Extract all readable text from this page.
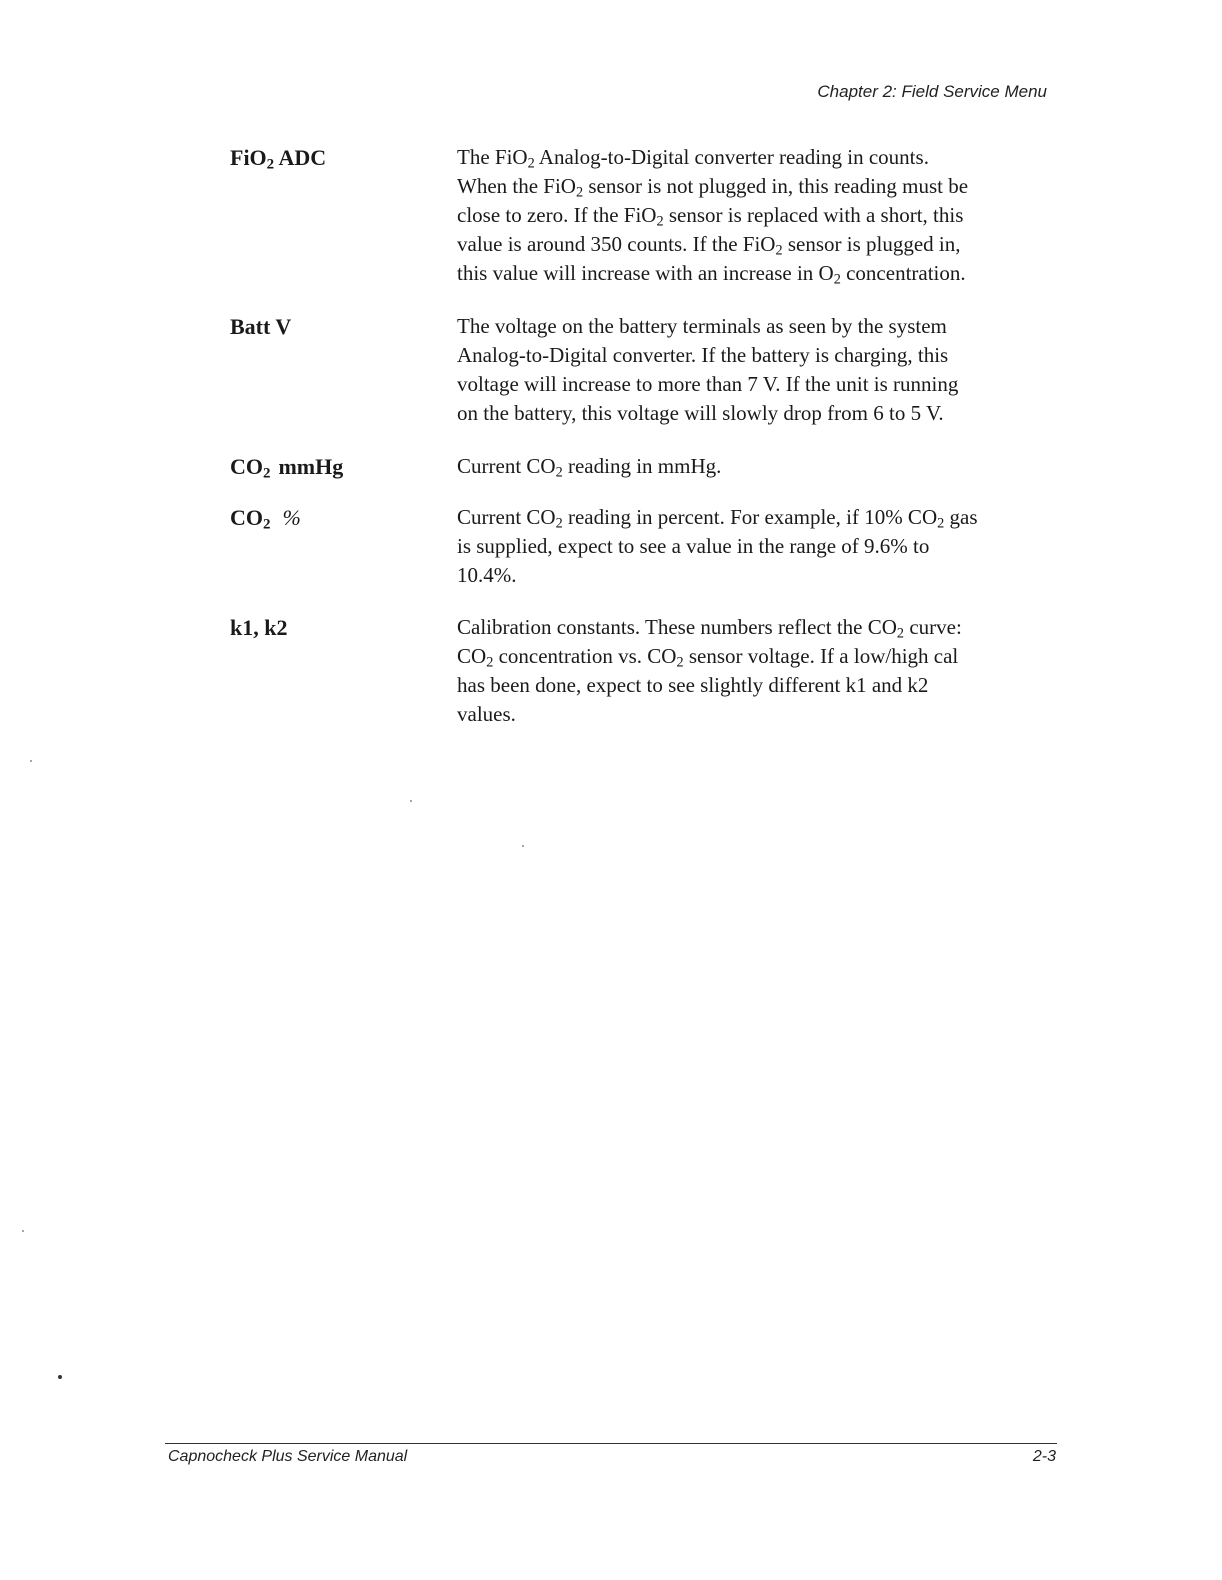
Chapter 2: Field Service Menu
FiO$_2$ ADC	The FiO$_2$ Analog-to-Digital converter reading in counts.
When the FiO$_2$ sensor is not plugged in, this reading must be
close to zero. If the FiO$_2$ sensor is replaced with a short, this
value is around 350 counts. If the FiO$_2$ sensor is plugged in,
this value will increase with an increase in $O_2$ concentration.
Batt V	The voltage on the battery terminals as seen by the system
Analog-to-Digital converter. If the battery is charging, this
voltage will increase to more than 7 V. If the unit is running
on the battery, this voltage will slowly drop from 6 to 5 V.
$CO_2$ mmHg	Current $CO_2$ reading in mmHg.
$CO_2$ %	Current $CO_2$ reading in percent. For example, if 10% $CO_2$ gas
is supplied, expect to see a value in the range of 9.6% to
10.4%.
k1, k2	Calibration constants. These numbers reflect the $CO_2$ curve:
$CO_2$ concentration vs. $CO_2$ sensor voltage. If a low/high cal
has been done, expect to see slightly different k1 and k2
values.
Capnocheck Plus Service Manual	2-3
